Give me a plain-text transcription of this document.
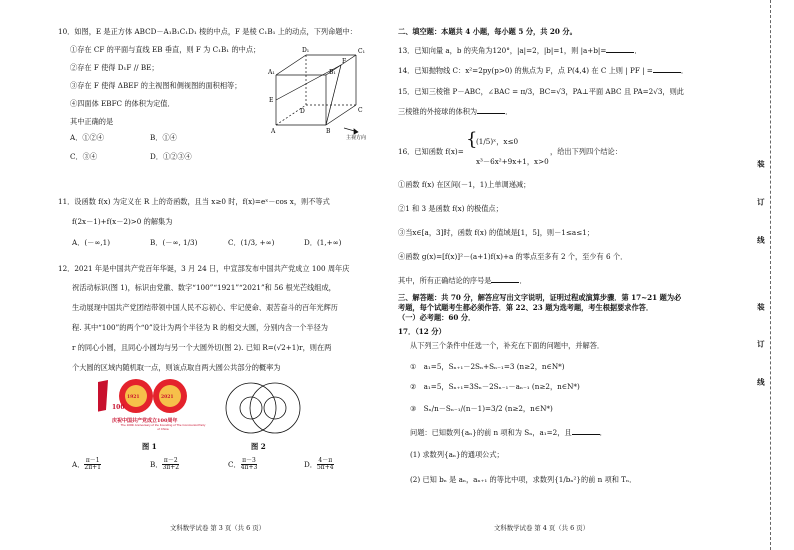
10．如图，E 是正方体 ABCD－A₁B₁C₁D₁ 棱的中点，F 是棱 C₁B₁ 上的动点，下列命题中：
①存在 CF 的平面与直线 EB 垂直，则 F 为 C₁B₁ 的中点；
②存在 F 使得 D₁F // BE；
③存在 F 使得 ΔBEF 的主视图和侧视图的面积相等；
④四面体 EBFC 的体积为定值．
其中正确的是
A．①②④	B．①④
C．③④	D．①②③④
D₁	C₁
A₁	B₁
E
F
D	C
A	B
主视方向
11．设函数 f(x) 为定义在 R 上的奇函数，且当 x≥0 时，f(x)=eˣ－cos x，则不等式
f(2x－1)+f(x－2)>0 的解集为
A．(－∞,1)	B．(－∞, 1/3)	C．(1/3, +∞)	D．(1,+∞)
12．2021 年是中国共产党百年华诞，3 月 24 日，中宣部发布中国共产党成立 100 周年庆
祝活动标识(图 1)，标识由党徽、数字“100”“1921”“2021”和 56 根光芒线组成，
生动展现中国共产党团结带领中国人民不忘初心、牢记使命、艰苦奋斗的百年光辉历
程. 其中“100”的两个“0”设计为两个半径为 R 的相交大圆，分别内含一个半径为
r 的同心小圆，且同心小圆均与另一个大圆外切(图 2). 已知 R=(√2+1)r，则在两
个大圆的区域内随机取一点，则该点取自两大圆公共部分的概率为
1921	2021
100
庆祝中国共产党成立100周年
The 100th Anniversary of the Founding of The Communist Party of China
图 1	图 2
A． $\frac{\pi-1}{2\pi+1}$	B． $\frac{\pi-2}{3\pi+2}$	C． $\frac{\pi-3}{4\pi+3}$	D． $\frac{4-\pi}{5\pi+4}$
文科数学试卷 第 3 页（共 6 页）
二、填空题：本题共 4 小题，每小题 5 分，共 20 分。
13．已知向量 a，b 的夹角为120°，|a|=2，|b|=1，则 |a+b|=	．
14．已知抛物线 C：x²=2py(p>0) 的焦点为 F，点 P(4,4) 在 C 上则 | PF | =	．
15．已知三棱锥 P－ABC，∠BAC = π/3，BC=√3，PA⊥平面 ABC 且 PA=2√3，则此
三棱锥的外接球的体积为	．
16．已知函数 f(x)=
{
(1/5)ˣ，x≤0
x³－6x²+9x+1，x>0
，给出下列四个结论：
①函数 f(x) 在区间(－1，1)上单调递减；
②1 和 3 是函数 f(x) 的极值点；
③当x∈[a，3]时，函数 f(x) 的值域是[1，5]，则－1≤a≤1；
④函数 g(x)=[f(x)]²－(a+1)f(x)+a 的零点至多有 2 个，至少有 6 个．
其中，所有正确结论的序号是	．
三、解答题：共 70 分，解答应写出文字说明，证明过程或演算步骤．第 17~21 题为必
考题，每个试题考生都必须作答．第 22、23 题为选考题，考生根据要求作答．
（一）必考题：60 分．
17．（12 分）
从下列三个条件中任选一个，补充在下面的问题中，并解答．
①　a₁=5，Sₙ₊₁－2Sₙ+Sₙ₋₁=3 (n≥2，n∈N*)
②　a₁=5，Sₙ₊₁=3Sₙ－2Sₙ₋₁－aₙ₋₁ (n≥2，n∈N*)
③　Sₙ/n－Sₙ₋₁/(n－1)=3/2 (n≥2，n∈N*)
问题：已知数列{aₙ}的前 n 项和为 Sₙ，a₁=2，且	．
(1) 求数列{aₙ}的通项公式；
(2) 已知 bₙ 是 aₙ，aₙ₊₁ 的等比中项，求数列{1/bₙ²}的前 n 项和 Tₙ．
文科数学试卷 第 4 页（共 6 页）
装
订
线
装
订
线
